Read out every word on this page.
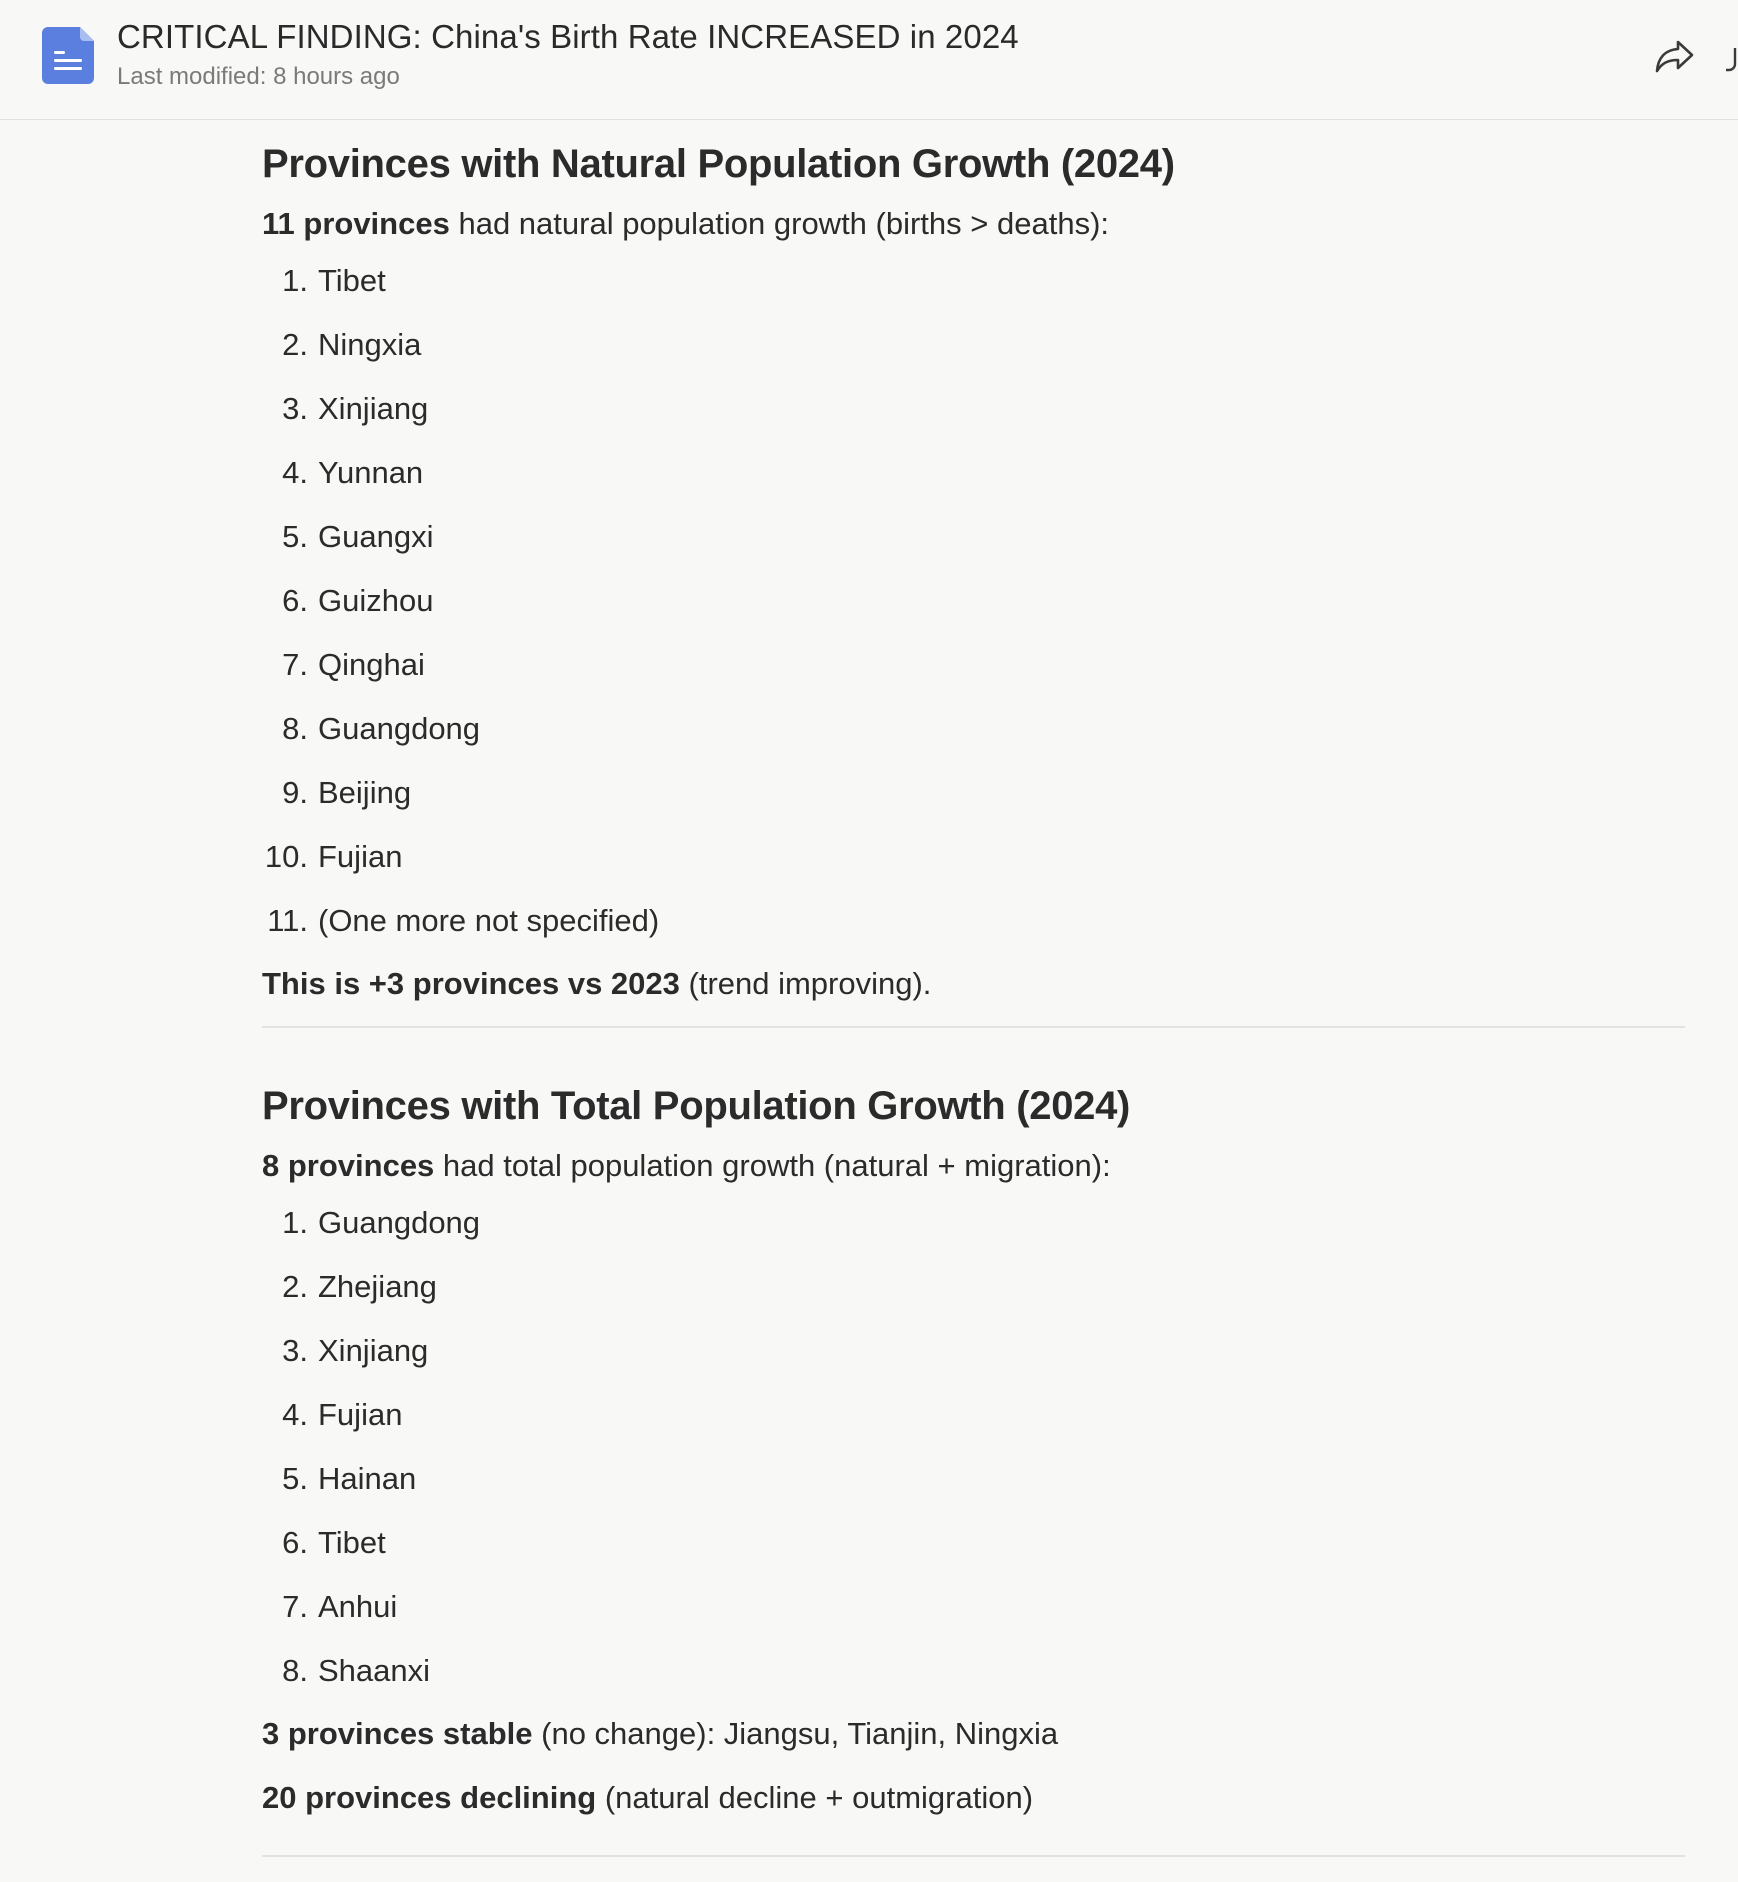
CRITICAL FINDING: China's Birth Rate INCREASED in 2024
Last modified: 8 hours ago
Provinces with Natural Population Growth (2024)
11 provinces had natural population growth (births > deaths):
1. Tibet
2. Ningxia
3. Xinjiang
4. Yunnan
5. Guangxi
6. Guizhou
7. Qinghai
8. Guangdong
9. Beijing
10. Fujian
11. (One more not specified)
This is +3 provinces vs 2023 (trend improving).
Provinces with Total Population Growth (2024)
8 provinces had total population growth (natural + migration):
1. Guangdong
2. Zhejiang
3. Xinjiang
4. Fujian
5. Hainan
6. Tibet
7. Anhui
8. Shaanxi
3 provinces stable (no change): Jiangsu, Tianjin, Ningxia
20 provinces declining (natural decline + outmigration)
